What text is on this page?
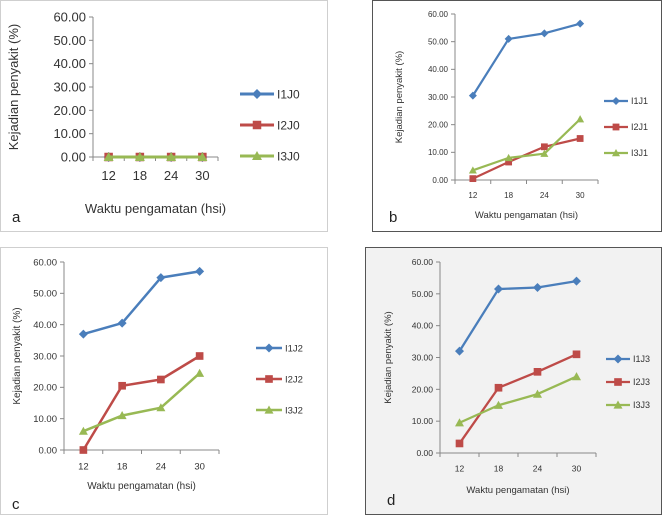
0.00
10.00
20.00
30.00
40.00
50.00
60.00
12 18 24 30
Waktu pengamatan (hsi)
Kejadian penyakit (%)	I1J0
I2J0
I3J0
a
0.00
10.00
20.00
30.00
40.00
50.00
60.00
12	18	24	30
Waktu pengamatan (hsi)
Kejadian penyakit (%)	I1J1
I2J1
I3J1
b
0.00
10.00
20.00
30.00
40.00
50.00
60.00
12	18	24	30
Waktu pengamatan (hsi)
Kejadian penyakit (%)	I1J2
I2J2
I3J2
c
0.00
10.00
20.00
30.00
40.00
50.00
60.00
12	18	24	30
Waktu pengamatan (hsi)
Kejadian penyakit (%)	I1J3
I2J3
I3J3
d
